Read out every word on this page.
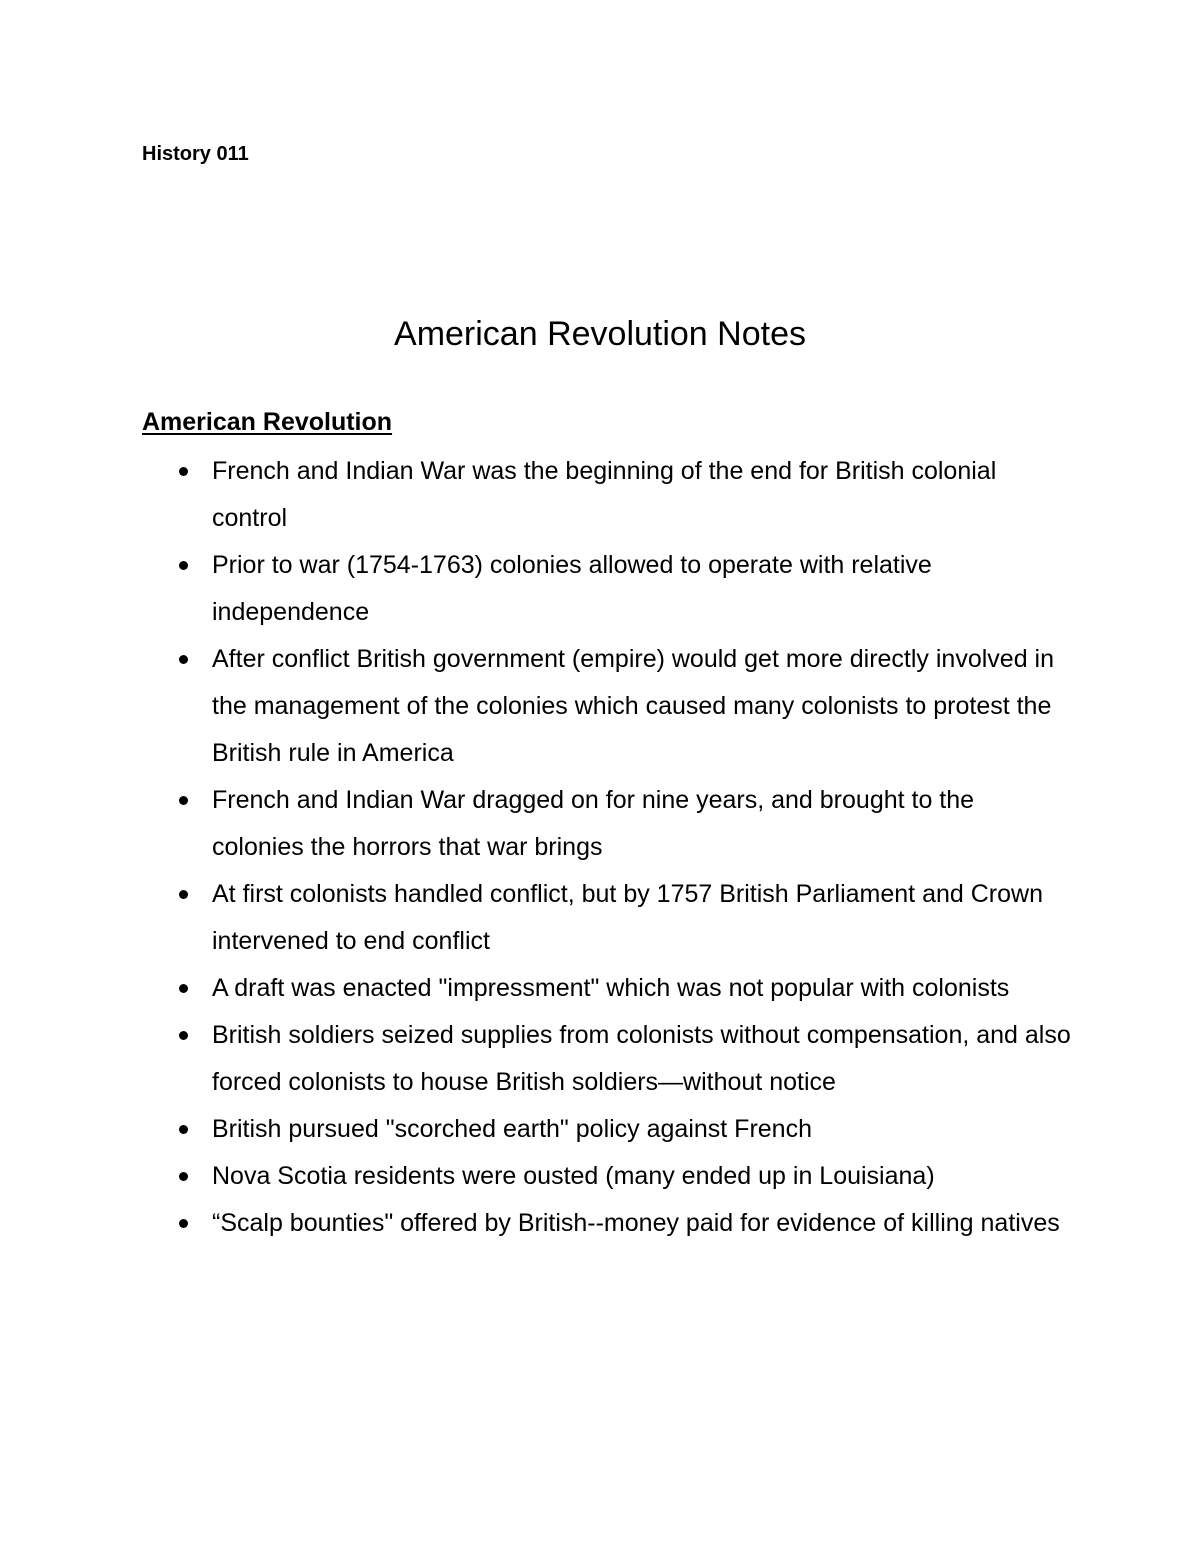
History 011

American Revolution Notes
American Revolution
French and Indian War was the beginning of the end for British colonial control
Prior to war (1754-1763) colonies allowed to operate with relative independence
After conflict British government (empire) would get more directly involved in the management of the colonies which caused many colonists to protest the British rule in America
French and Indian War dragged on for nine years, and brought to the colonies the horrors that war brings
At first colonists handled conflict, but by 1757 British Parliament and Crown intervened to end conflict
A draft was enacted "impressment" which was not popular with colonists
British soldiers seized supplies from colonists without compensation, and also forced colonists to house British soldiers—without notice
British pursued "scorched earth" policy against French
Nova Scotia residents were ousted (many ended up in Louisiana)
“Scalp bounties" offered by British--money paid for evidence of killing natives
